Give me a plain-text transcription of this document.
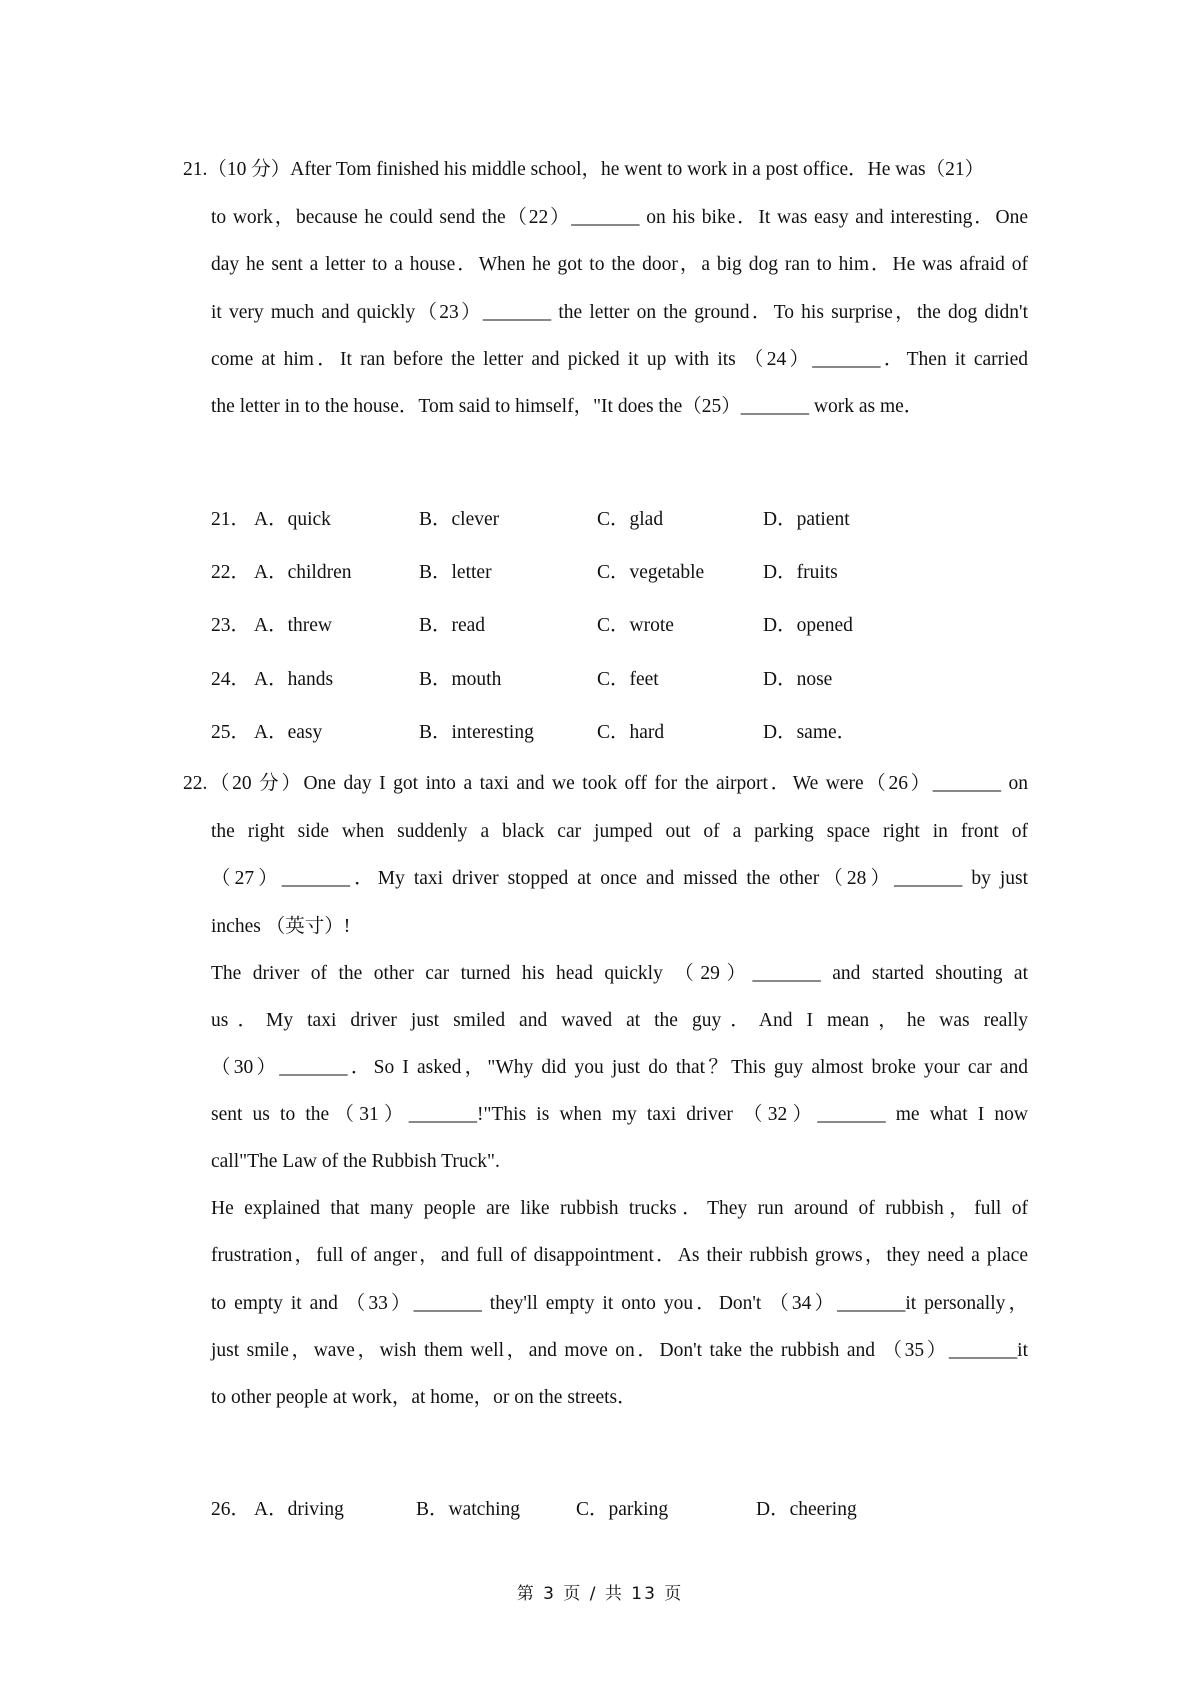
21.（10 分）After Tom finished his middle school，he went to work in a post office．He was（21）
to work，because he could send the（22）_______ on his bike．It was easy and interesting．One
day he sent a letter to a house．When he got to the door，a big dog ran to him．He was afraid of
it very much and quickly（23）_______ the letter on the ground．To his surprise，the dog didn't
come at him．It ran before the letter and picked it up with its （24）_______．Then it carried
the letter in to the house．Tom said to himself，"It does the（25）_______ work as me．
21． A．quick	B．clever	C．glad	D．patient
22． A．children	B．letter	C．vegetable	D．fruits
23． A．threw	B．read	C．wrote	D．opened
24． A．hands	B．mouth	C．feet	D．nose
25． A．easy	B．interesting	C．hard	D．same．
22.（20 分）One day I got into a taxi and we took off for the airport．We were（26）_______ on
the right side when suddenly a black car jumped out of a parking space right in front of
（27）_______．My taxi driver stopped at once and missed the other（28）_______ by just
inches （英寸）!
The driver of the other car turned his head quickly （29）_______ and started shouting at
us．My taxi driver just smiled and waved at the guy．And I mean，he was really
（30）_______．So I asked，"Why did you just do that？This guy almost broke your car and
sent us to the（31）_______!"This is when my taxi driver （32）_______ me what I now
call"The Law of the Rubbish Truck".
He explained that many people are like rubbish trucks．They run around of rubbish，full of
frustration，full of anger，and full of disappointment．As their rubbish grows，they need a place
to empty it and （33）_______ they'll empty it onto you．Don't （34）_______it personally，
just smile，wave，wish them well，and move on．Don't take the rubbish and （35）_______it
to other people at work，at home，or on the streets．
26． A．driving	B．watching	C．parking	D．cheering
第 3 页 / 共 13 页
